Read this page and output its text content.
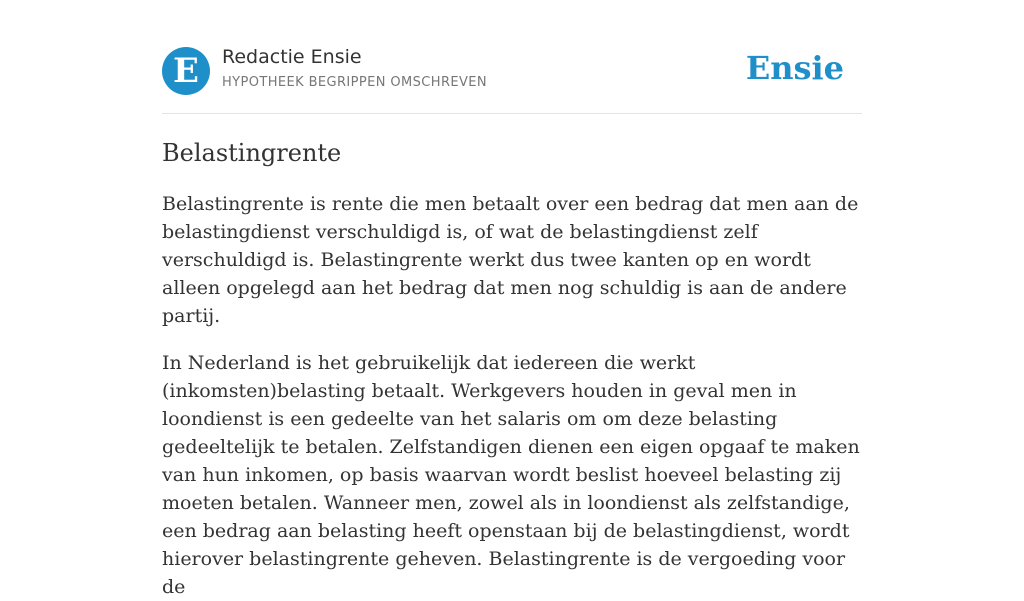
E	Redactie Ensie
HYPOTHEEK BEGRIPPEN OMSCHREVEN	Ensie
Belastingrente

Belastingrente is rente die men betaalt over een bedrag dat men aan de belastingdienst verschuldigd is, of wat de belastingdienst zelf verschuldigd is. Belastingrente werkt dus twee kanten op en wordt alleen opgelegd aan het bedrag dat men nog schuldig is aan de andere partij.

In Nederland is het gebruikelijk dat iedereen die werkt (inkomsten)belasting betaalt. Werkgevers houden in geval men in loondienst is een gedeelte van het salaris om om deze belasting gedeeltelijk te betalen. Zelfstandigen dienen een eigen opgaaf te maken van hun inkomen, op basis waarvan wordt beslist hoeveel belasting zij moeten betalen. Wanneer men, zowel als in loondienst als zelfstandige, een bedrag aan belasting heeft openstaan bij de belastingdienst, wordt hierover belastingrente geheven. Belastingrente is de vergoeding voor de
